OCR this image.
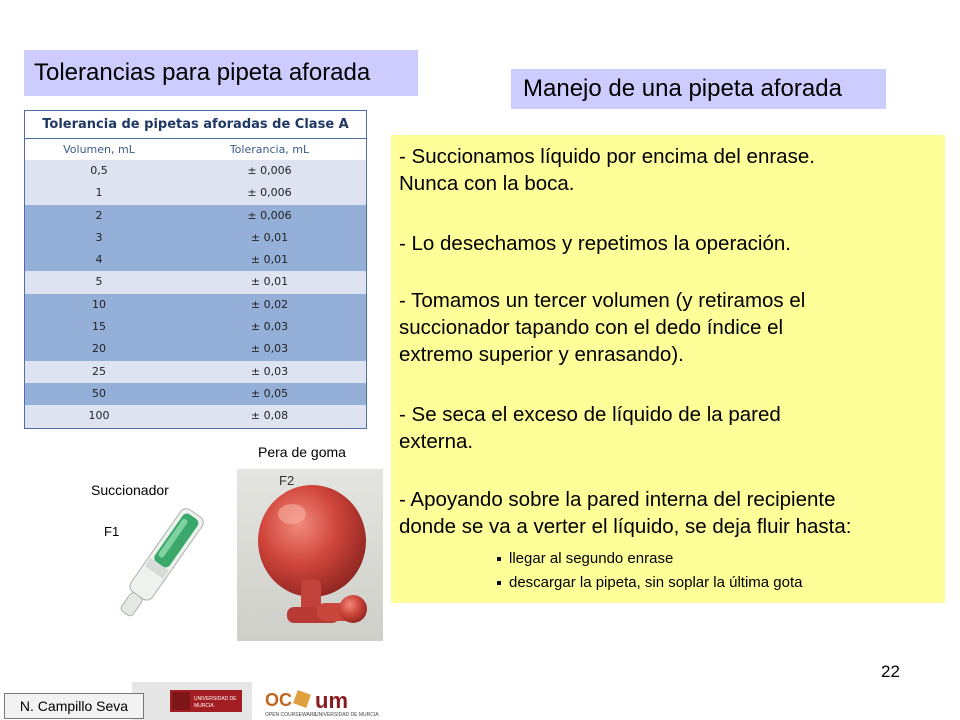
Tolerancias para pipeta aforada
Manejo de una pipeta aforada
Tolerancia de pipetas aforadas de Clase A
Volumen, mL	Tolerancia, mL
0,5	± 0,006
1	± 0,006
2	± 0,006
3	± 0,01
4	± 0,01
5	± 0,01
10	± 0,02
15	± 0,03
20	± 0,03
25	± 0,03
50	± 0,05
100	± 0,08
- Succionamos líquido por encima del enrase.
Nunca con la boca.
- Lo desechamos y repetimos la operación.
- Tomamos un tercer volumen (y retiramos el
succionador tapando con el dedo índice el
extremo superior y enrasando).
- Se seca el exceso de líquido de la pared
externa.
- Apoyando sobre la pared interna del recipiente
donde se va a verter el líquido, se deja fluir hasta:
llegar al segundo enrase
descargar la pipeta, sin soplar la última gota
Pera de goma
Succionador
F1
F2
22
N. Campillo Seva	UNIVERSIDAD DE
MURCIA	OC um
OPEN COURSEWARE
UNIVERSIDAD DE MURCIA
